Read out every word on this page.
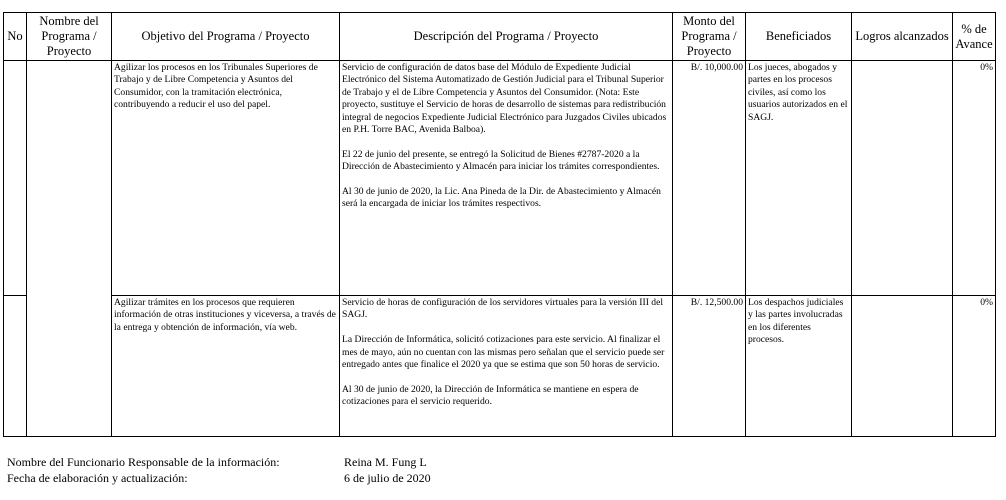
No	Nombre del Programa / Proyecto	Objetivo del Programa / Proyecto	Descripción del Programa / Proyecto	Monto del Programa / Proyecto	Beneficiados	Logros alcanzados	% de Avance
		Agilizar los procesos en los Tribunales Superiores de Trabajo y de Libre Competencia y Asuntos del Consumidor, con la tramitación electrónica, contribuyendo a reducir el uso del papel.	Servicio de configuración de datos base del Módulo de Expediente Judicial Electrónico del Sistema Automatizado de Gestión Judicial para el Tribunal Superior de Trabajo y el de Libre Competencia y Asuntos del Consumidor. (Nota: Este proyecto, sustituye el Servicio de horas de desarrollo de sistemas para redistribución integral de negocios Expediente Judicial Electrónico para Juzgados Civiles ubicados en P.H. Torre BAC, Avenida Balboa).

El 22 de junio del presente, se entregó la Solicitud de Bienes #2787-2020 a la Dirección de Abastecimiento y Almacén para iniciar los trámites correspondientes.

Al 30 de junio de 2020, la Lic. Ana Pineda de la Dir. de Abastecimiento y Almacén será la encargada de iniciar los trámites respectivos.	B/. 10,000.00	Los jueces, abogados y partes en los procesos civiles, así como los usuarios autorizados en el SAGJ.		0%
		Agilizar trámites en los procesos que requieren información de otras instituciones y viceversa, a través de la entrega y obtención de información, vía web.	Servicio de horas de configuración de los servidores virtuales para la versión III del SAGJ.

La Dirección de Informática, solicitó cotizaciones para este servicio. Al finalizar el mes de mayo, aún no cuentan con las mismas pero señalan que el servicio puede ser entregado antes que finalice el 2020 ya que se estima que son 50 horas de servicio.

Al 30 de junio de 2020, la Dirección de Informática se mantiene en espera de cotizaciones para el servicio requerido.	B/. 12,500.00	Los despachos judiciales y las partes involucradas en los diferentes procesos.		0%
Nombre del Funcionario Responsable de la información:	Reina M. Fung L
Fecha de elaboración y actualización:	6 de julio de 2020
